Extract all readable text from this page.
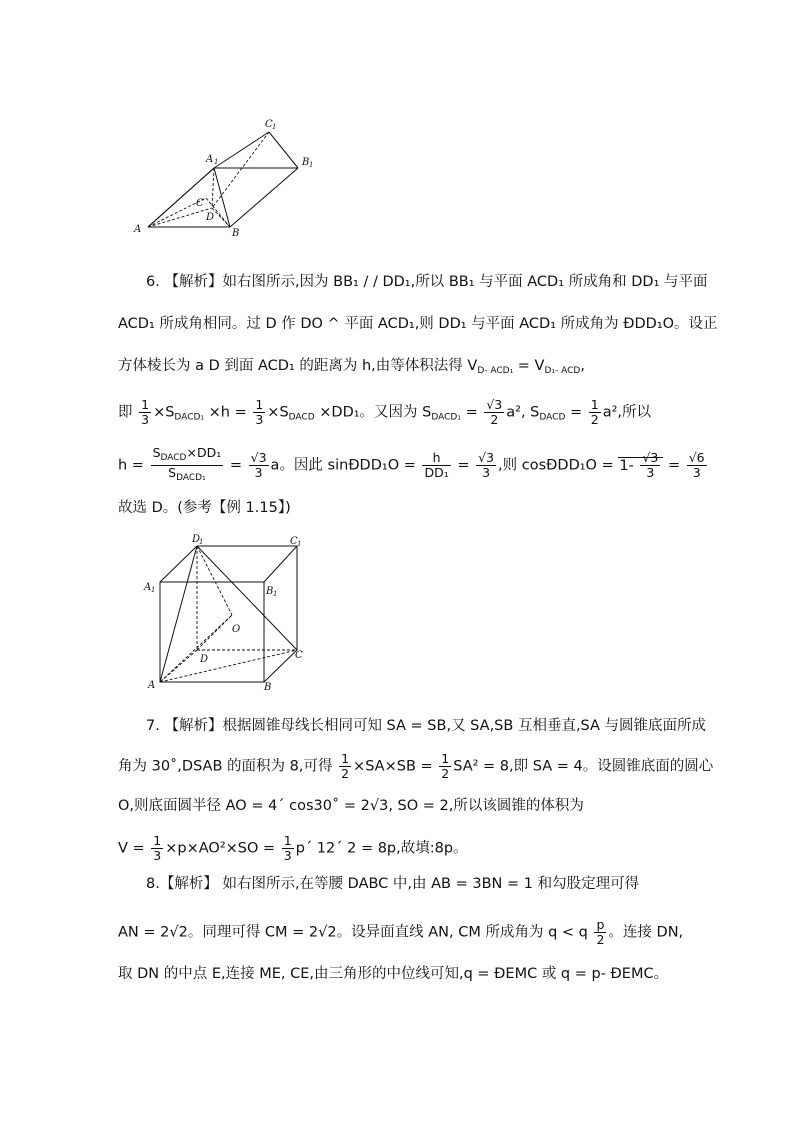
A	B
C
D
A 1	B 1
C 1
6. 【解析】如右图所示,因为 BB₁ / / DD₁,所以 BB₁ 与平面 ACD₁ 所成角和 DD₁ 与平面
ACD₁ 所成角相同。过 D 作 DO ^ 平面 ACD₁,则 DD₁ 与平面 ACD₁ 所成角为 ÐDD₁O。设正
方体棱长为 a D 到面 ACD₁ 的距离为 h,由等体积法得 $V_{D- ACD_1} = V_{D_1- ACD}$,
即 $\frac{1}{3} \times S_{DACD_1} \times h = \frac{1}{3} \times S_{DACD} \times DD_1$。又因为 $S_{DACD_1} = \frac{√3}{2} a^2$, $S_{DACD} = \frac{1}{2} a^2$,所以
$h = \frac{S_{DACD}\times DD_1}{S_{DACD_1}} = \frac{√3}{3}$ a。因此 sinÐDD₁O = $\frac{h}{\text{DD₁}} = \frac{√3}{3}$ ,则 cosÐDD₁O = $1- \frac{√3}{3} = \frac{√6}{3}$
故选 D。(参考【例 1.15】)
A	B
C
D
O
A 1	B 1
C 1
D
1
7. 【解析】根据圆锥母线长相同可知 SA = SB,又 SA,SB 互相垂直,SA 与圆锥底面所成
角为 30˚,DSAB 的面积为 8,可得 $\frac{1}{2} \times SA\times SB = \frac{1}{2} SA^2 = 8$,即 SA = 4。设圆锥底面的圆心
O,则底面圆半径 AO = 4´ cos30˚ = 2√3, SO = 2,所以该圆锥的体积为
$V = \frac{1}{3} \times p\times AO^2\times SO = \frac{1}{3}$ p´ 12´ 2 = 8p,故填:8p。
8.【解析】 如右图所示,在等腰 DABC 中,由 AB = 3BN = 1 和勾股定理可得
AN = 2√2。同理可得 CM = 2√2。设异面直线 AN, CM 所成角为 q < q $\frac{p}{2}$ 。连接 DN,
取 DN 的中点 E,连接 ME, CE,由三角形的中位线可知,q = ÐEMC 或 q = p- ÐEMC。
